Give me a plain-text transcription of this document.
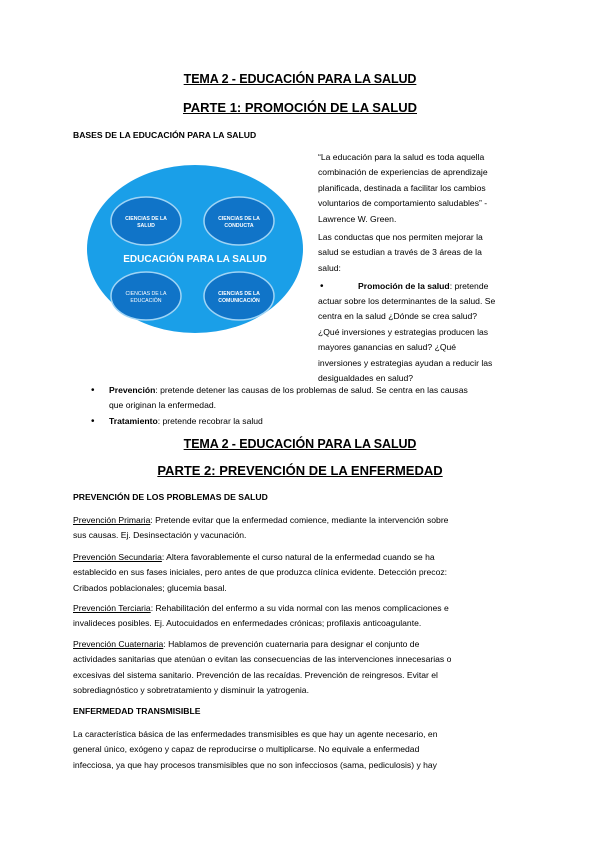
TEMA 2 - EDUCACIÓN PARA LA SALUD
PARTE 1: PROMOCIÓN DE LA SALUD
BASES DE LA EDUCACIÓN PARA LA SALUD
CIENCIAS DE LA
SALUD
CIENCIAS DE LA
CONDUCTA
EDUCACIÓN PARA LA SALUD
CIENCIAS DE LA
EDUCACIÓN
CIENCIAS DE LA
COMUNICACIÓN
“La educación para la salud es toda aquella
combinación de experiencias de aprendizaje
planificada, destinada a facilitar los cambios
voluntarios de comportamiento saludables” -
Lawrence W. Green.
Las conductas que nos permiten mejorar la
salud se estudian a través de 3 áreas de la
salud:
•	Promoción de la salud: pretende
actuar sobre los determinantes de la salud. Se
centra en la salud ¿Dónde se crea salud?
¿Qué inversiones y estrategias producen las
mayores ganancias en salud? ¿Qué
inversiones y estrategias ayudan a reducir las
desigualdades en salud?
• Prevención: pretende detener las causas de los problemas de salud. Se centra en las causas
que originan la enfermedad.
• Tratamiento: pretende recobrar la salud
TEMA 2 - EDUCACIÓN PARA LA SALUD
PARTE 2: PREVENCIÓN DE LA ENFERMEDAD
PREVENCIÓN DE LOS PROBLEMAS DE SALUD
Prevención Primaria: Pretende evitar que la enfermedad comience, mediante la intervención sobre
sus causas. Ej. Desinsectación y vacunación.
Prevención Secundaria: Altera favorablemente el curso natural de la enfermedad cuando se ha
establecido en sus fases iniciales, pero antes de que produzca clínica evidente. Detección precoz:
Cribados poblacionales; glucemia basal.
Prevención Terciaria: Rehabilitación del enfermo a su vida normal con las menos complicaciones e
invalideces posibles. Ej. Autocuidados en enfermedades crónicas; profilaxis anticoagulante.
Prevención Cuaternaria: Hablamos de prevención cuaternaria para designar el conjunto de
actividades sanitarias que atenúan o evitan las consecuencias de las intervenciones innecesarias o
excesivas del sistema sanitario. Prevención de las recaídas. Prevención de reingresos. Evitar el
sobrediagnóstico y sobretratamiento y disminuir la yatrogenia.
ENFERMEDAD TRANSMISIBLE
La característica básica de las enfermedades transmisibles es que hay un agente necesario, en
general único, exógeno y capaz de reproducirse o multiplicarse. No equivale a enfermedad
infecciosa, ya que hay procesos transmisibles que no son infecciosos (sama, pediculosis) y hay
